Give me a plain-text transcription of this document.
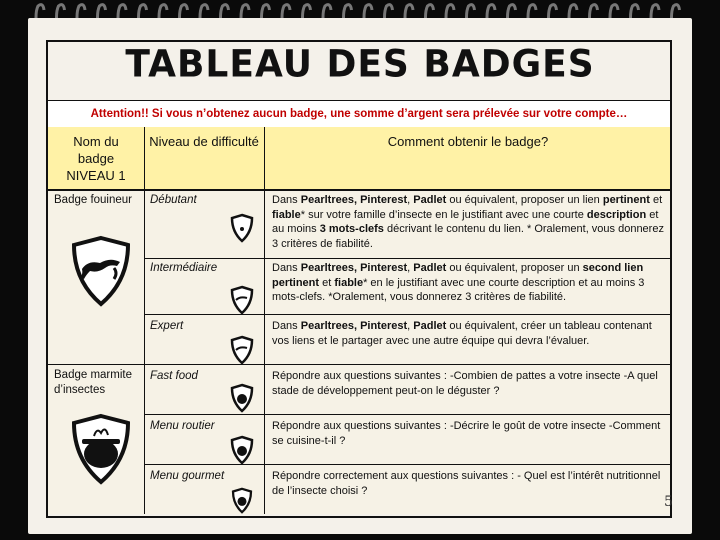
TABLEAU DES BADGES
Attention!! Si vous n’obtenez aucun badge, une somme d’argent sera prélevée sur votre compte…
Nom du badge NIVEAU 1
Niveau de difficulté	Comment obtenir le badge?
Badge fouineur
Badge marmite d’insectes
Débutant
Intermédiaire
Expert
Fast food
Menu routier
Menu gourmet
Dans Pearltrees, Pinterest, Padlet ou équivalent, proposer un lien pertinent et fiable* sur votre famille d’insecte en le justifiant avec une courte description et au moins 3 mots-clefs décrivant le contenu du lien. * Oralement, vous donnerez 3 critères de fiabilité.
Dans Pearltrees, Pinterest, Padlet ou équivalent, proposer un second lien pertinent et fiable* en le justifiant avec une courte description et au moins 3 mots-clefs. *Oralement, vous donnerez 3 critères de fiabilité.
Dans Pearltrees, Pinterest, Padlet ou équivalent, créer un tableau contenant vos liens et le partager avec une autre équipe qui devra l’évaluer.
Répondre aux questions suivantes : -Combien de pattes a votre insecte -A quel stade de développement peut-on le déguster ?
Répondre aux questions suivantes : -Décrire le goût de votre insecte -Comment se cuisine-t-il ?
Répondre correctement aux questions suivantes : - Quel est l’intérêt nutritionnel de l’insecte choisi ?
5
